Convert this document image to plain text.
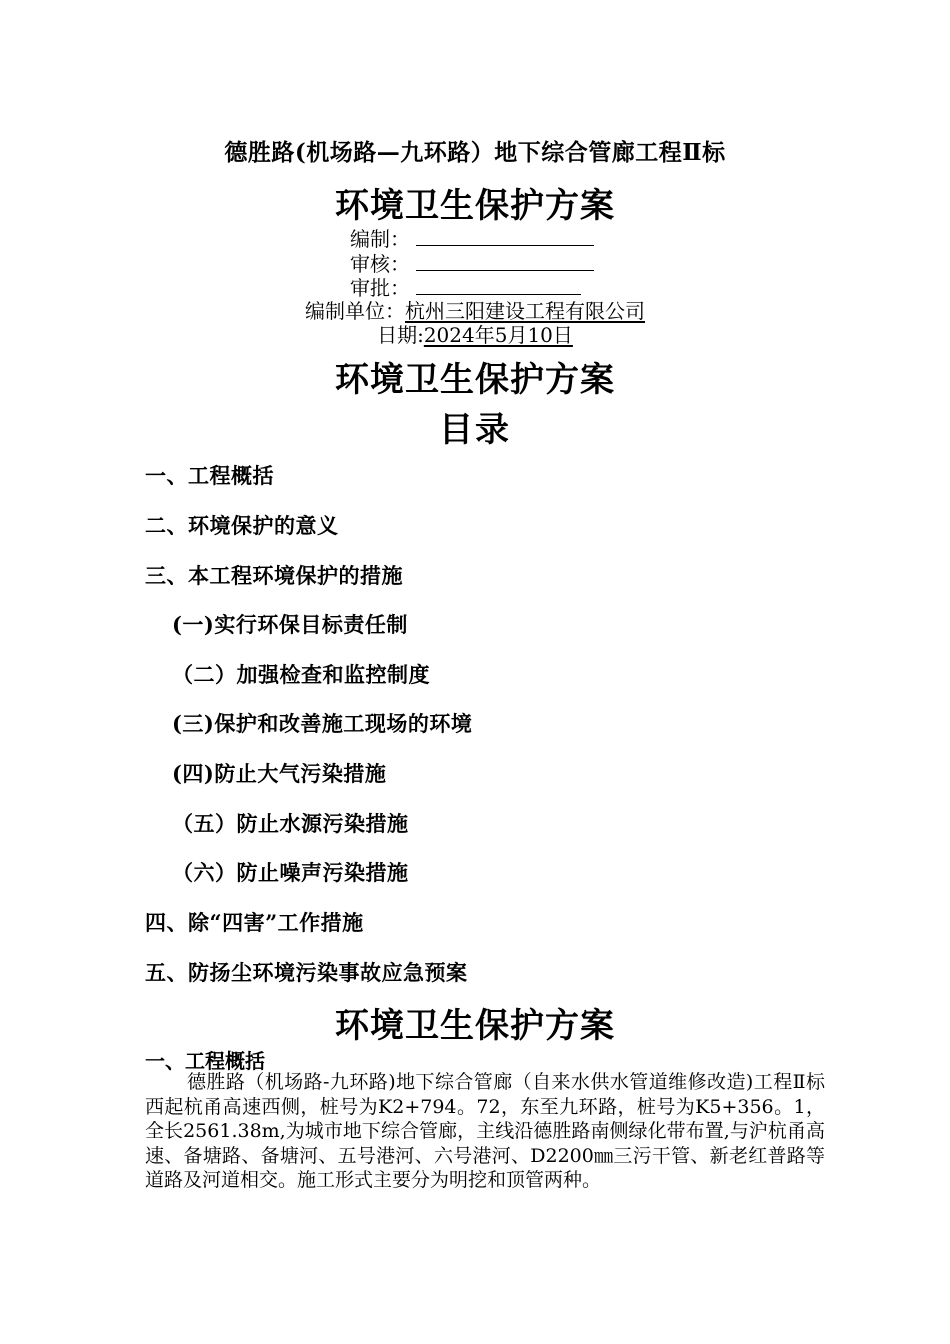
德胜路(机场路—九环路）地下综合管廊工程Ⅱ标
环境卫生保护方案
编制：
审核：
审批：
编制单位：杭州三阳建设工程有限公司
日期:2024年5月10日
环境卫生保护方案
目录
一、工程概括
二、环境保护的意义
三、本工程环境保护的措施
(一)实行环保目标责任制
（二）加强检查和监控制度
(三)保护和改善施工现场的环境
(四)防止大气污染措施
（五）防止水源污染措施
（六）防止噪声污染措施
四、除“四害”工作措施
五、防扬尘环境污染事故应急预案
环境卫生保护方案
一、工程概括
德胜路（机场路-九环路)地下综合管廊（自来水供水管道维修改造)工程Ⅱ标西起杭甬高速西侧，桩号为K2+794。72，东至九环路，桩号为K5+356。1，全长2561.38m,为城市地下综合管廊，主线沿德胜路南侧绿化带布置,与沪杭甬高速、备塘路、备塘河、五号港河、六号港河、D2200㎜三污干管、新老红普路等道路及河道相交。施工形式主要分为明挖和顶管两种。
